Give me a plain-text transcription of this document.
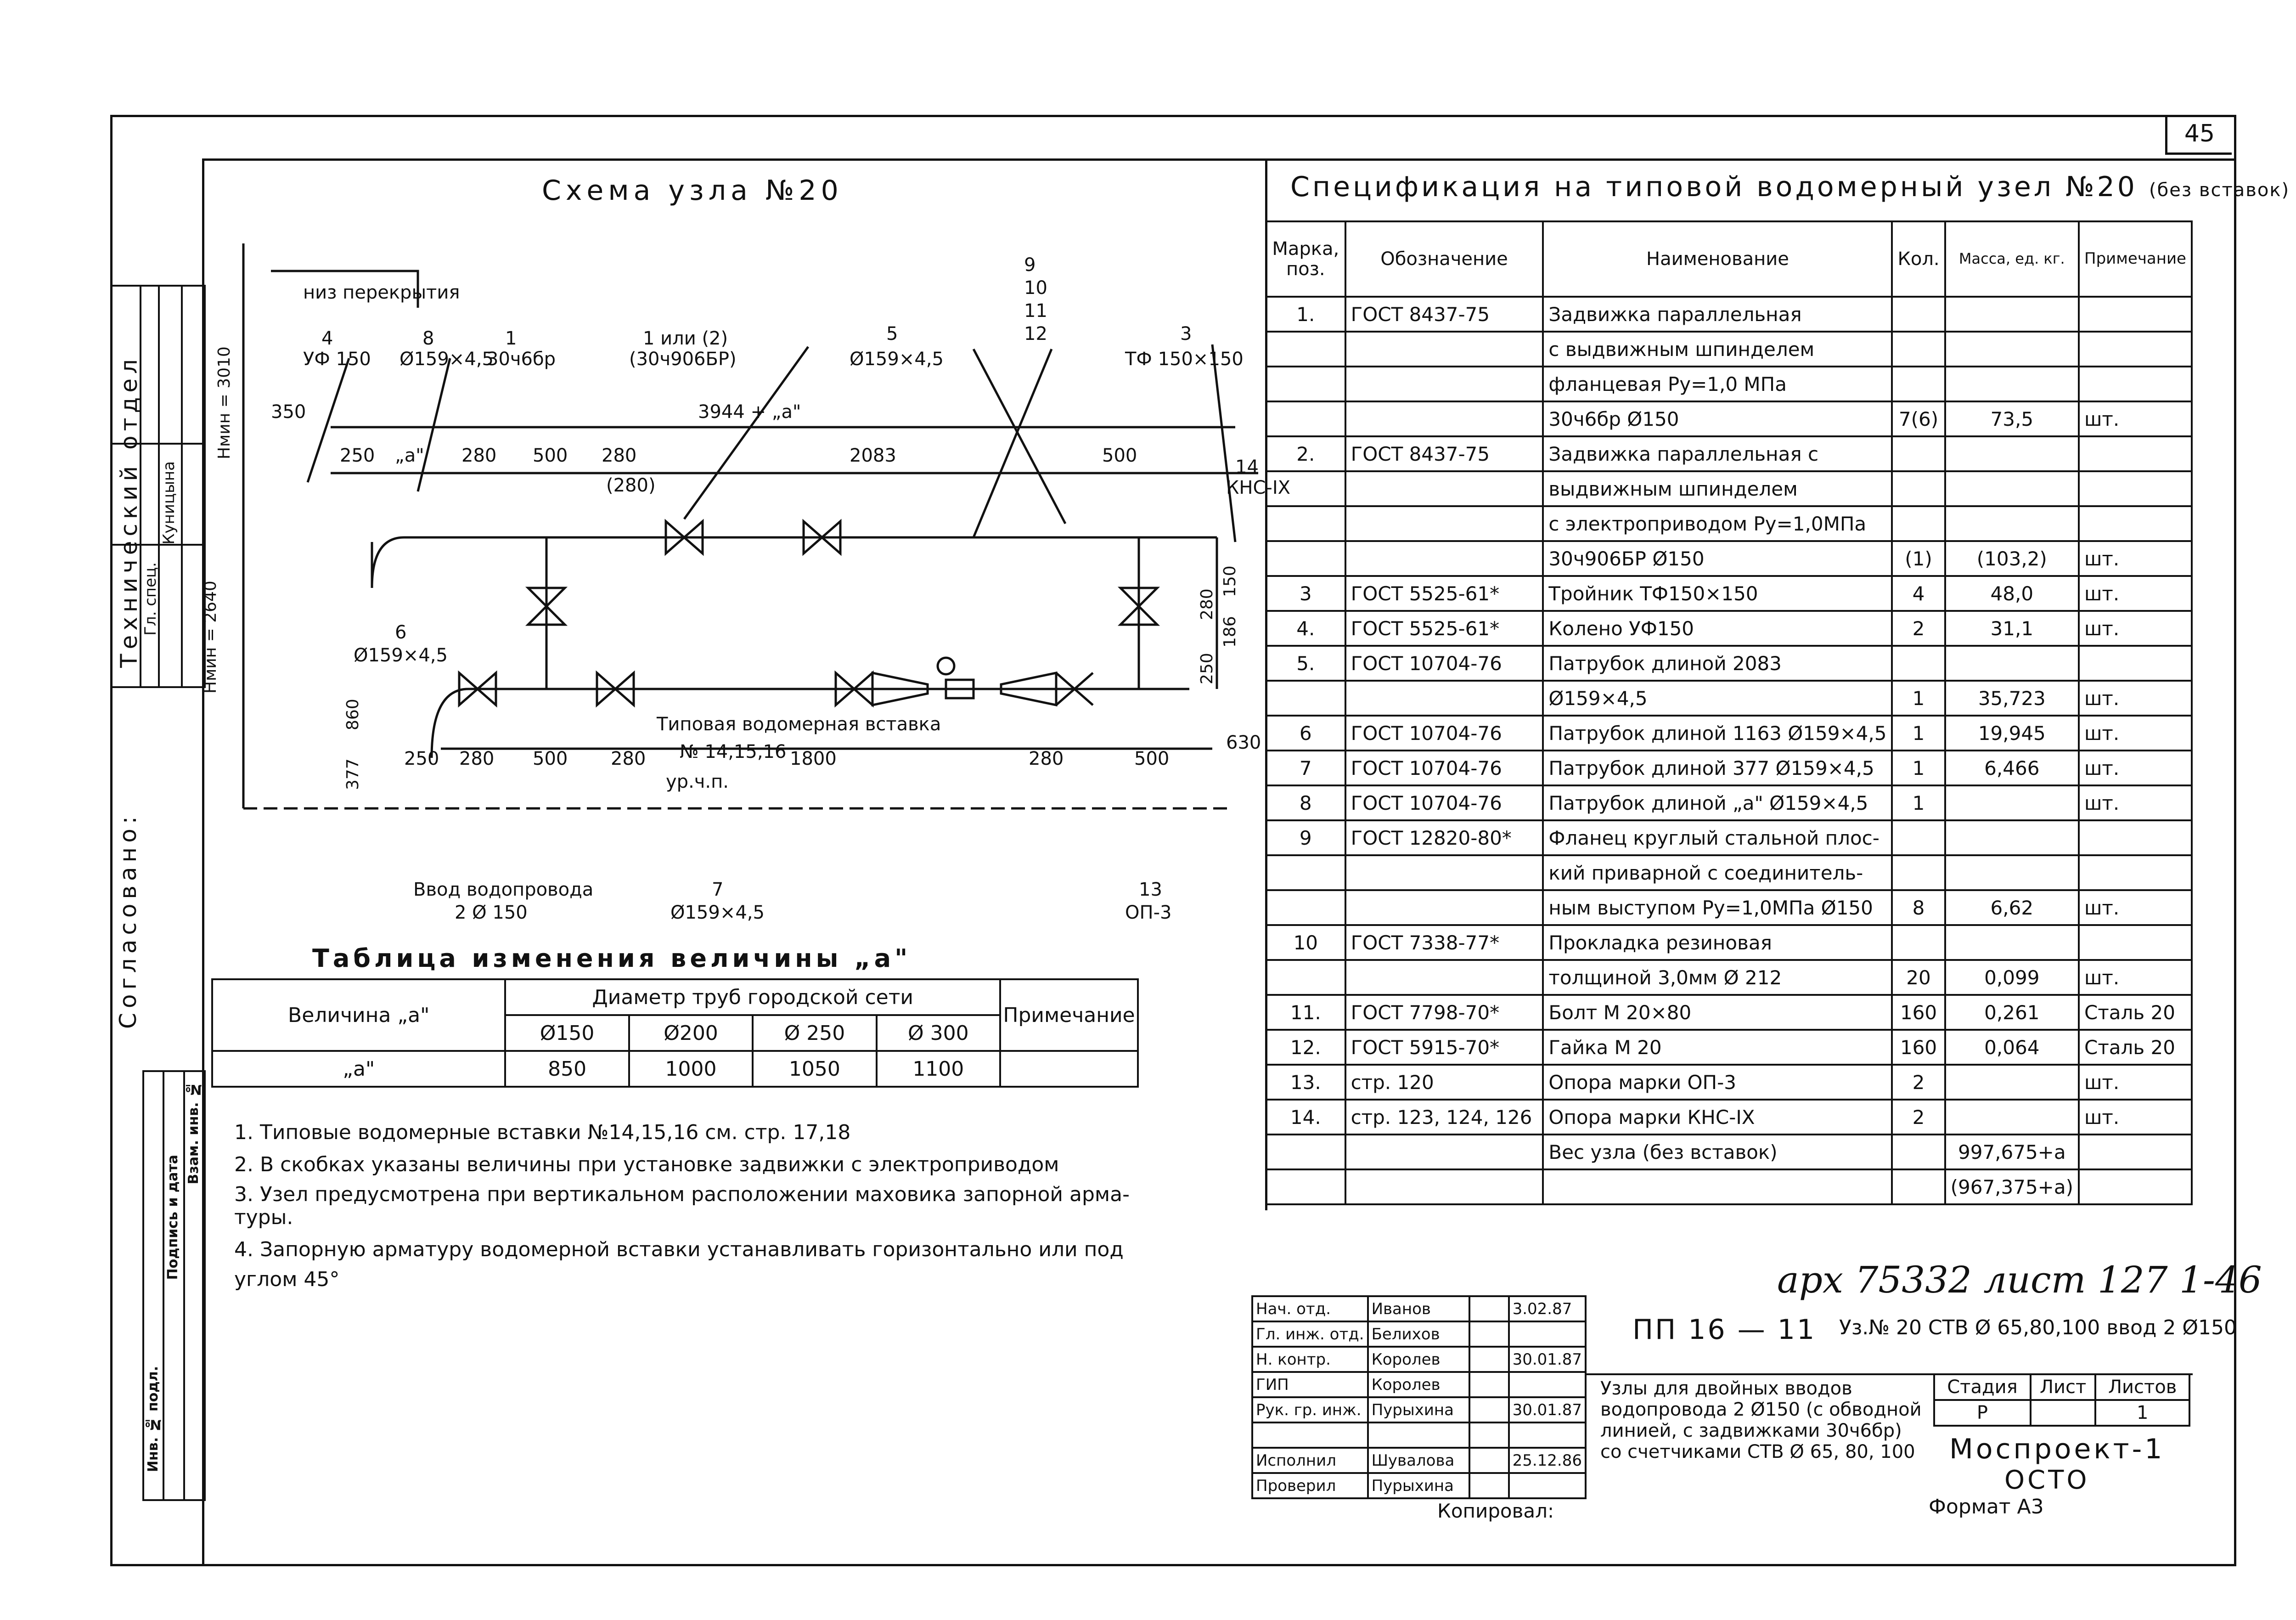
45
Технический отдел
Гл. спец.
Куницына
Согласовано:
Инв. № подл.
Подпись и дата
Взам. инв. №
Схема узла №20
низ перекрытия
4
УФ 150
8
Ø159×4,5
1
30ч6бр
1 или (2)
(30ч906БР)
5
Ø159×4,5
9
10
11
12	3
ТФ 150×150
3944 + „а"
350
250 „а" 280 500 280
(280)
2083	500
14
КНС-IX
6
Ø159×4,5
Типовая водомерная вставка
№ 14,15,16
250 280 500 280	1800	280	500
ур.ч.п.
630
Ввод водопровода
2 Ø 150
7
Ø159×4,5
13
ОП-3
Нмин = 3010
Нмин = 2640	280
150
186
250
860
377
Спецификация на типовой водомерный узел №20 (без вставок)
Марка, поз.	Обозначение	Наименование	Кол.	Масса, ед. кг.	Примечание
1.	ГОСТ 8437-75	Задвижка параллельная			
		с выдвижным шпинделем			
		фланцевая Ру=1,0 МПа			
		30ч6бр Ø150	7(6)	73,5	шт.
2.	ГОСТ 8437-75	Задвижка параллельная с			
		выдвижным шпинделем			
		с электроприводом Ру=1,0МПа			
		30ч906БР Ø150	(1)	(103,2)	шт.
3	ГОСТ 5525-61*	Тройник ТФ150×150	4	48,0	шт.
4.	ГОСТ 5525-61*	Колено УФ150	2	31,1	шт.
5.	ГОСТ 10704-76	Патрубок длиной 2083			
		Ø159×4,5	1	35,723	шт.
6	ГОСТ 10704-76	Патрубок длиной 1163 Ø159×4,5	1	19,945	шт.
7	ГОСТ 10704-76	Патрубок длиной 377 Ø159×4,5	1	6,466	шт.
8	ГОСТ 10704-76	Патрубок длиной „а" Ø159×4,5	1		шт.
9	ГОСТ 12820-80*	Фланец круглый стальной плос-			
		кий приварной с соединитель-			
		ным выступом Ру=1,0МПа Ø150	8	6,62	шт.
10	ГОСТ 7338-77*	Прокладка резиновая			
		толщиной 3,0мм Ø 212	20	0,099	шт.
11.	ГОСТ 7798-70*	Болт М 20×80	160	0,261	Сталь 20
12.	ГОСТ 5915-70*	Гайка М 20	160	0,064	Сталь 20
13.	стр. 120	Опора марки ОП-3	2		шт.
14.	стр. 123, 124, 126	Опора марки КНС-IX	2		шт.
		Вес узла (без вставок)		997,675+а	
				(967,375+а)	
Таблица изменения величины „а"
Величина „а"	Диаметр труб городской сети				Примечание
	Ø150	Ø200	Ø 250	Ø 300	
„а"	850	1000	1050	1100	
1. Типовые водомерные вставки №14,15,16 см. стр. 17,18
2. В скобках указаны величины при установке задвижки с электроприводом
3. Узел предусмотрена при вертикальном расположении маховика запорной арма-
туры.
4. Запорную арматуру водомерной вставки устанавливать горизонтально или под
углом 45°	арх 75332 лист 127 1-46
Нач. отд.	Иванов		3.02.87
Гл. инж. отд.	Белихов		
Н. контр.	Королев		30.01.87
ГИП	Королев		
Рук. гр. инж.	Пурыхина		30.01.87

Исполнил	Шувалова		25.12.86
Проверил	Пурыхина		
ПП 16 — 11 Уз.№ 20 СТВ Ø 65,80,100 ввод 2 Ø150
Узлы для двойных вводов водопровода 2 Ø150 (с обводной линией, с задвижками 30ч6бр) со счетчиками СТВ Ø 65, 80, 100
Стадия	Лист	Листов
Р		1
Моспроект-1
ОСТО
Копировал:	Формат А3
